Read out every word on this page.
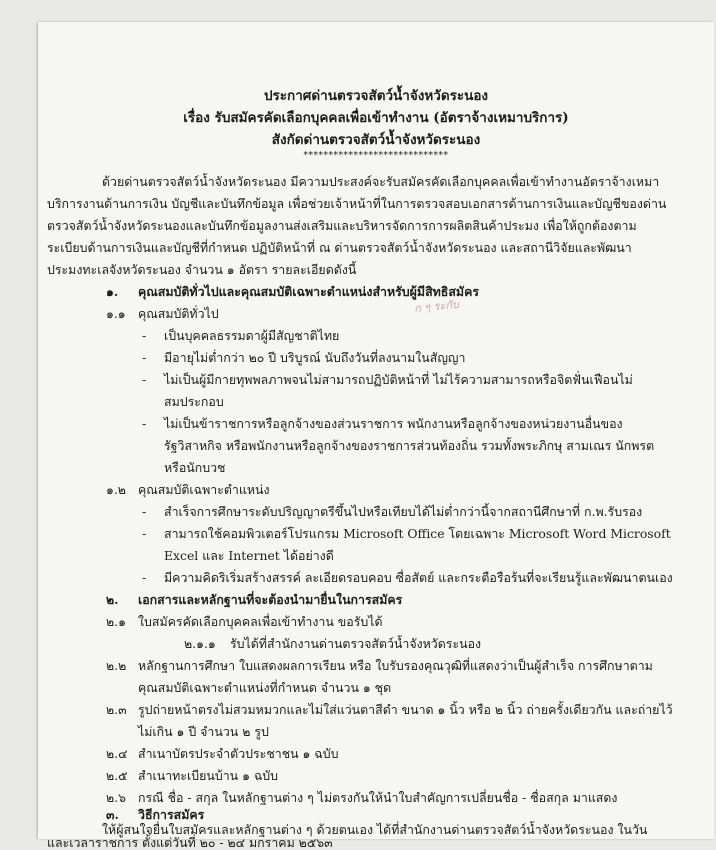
ประกาศด่านตรวจสัตว์น้ำจังหวัดระนอง
เรื่อง รับสมัครคัดเลือกบุคคลเพื่อเข้าทำงาน (อัตราจ้างเหมาบริการ)
สังกัดด่านตรวจสัตว์น้ำจังหวัดระนอง
*****************************
ด้วยด่านตรวจสัตว์น้ำจังหวัดระนอง มีความประสงค์จะรับสมัครคัดเลือกบุคคลเพื่อเข้าทำงานอัตราจ้างเหมา
บริการงานด้านการเงิน บัญชีและบันทึกข้อมูล เพื่อช่วยเจ้าหน้าที่ในการตรวจสอบเอกสารด้านการเงินและบัญชีของด่าน
ตรวจสัตว์น้ำจังหวัดระนองและบันทึกข้อมูลงานส่งเสริมและบริหารจัดการการผลิตสินค้าประมง เพื่อให้ถูกต้องตาม
ระเบียบด้านการเงินและบัญชีที่กำหนด ปฏิบัติหน้าที่ ณ ด่านตรวจสัตว์น้ำจังหวัดระนอง และสถานีวิจัยและพัฒนา
ประมงทะเลจังหวัดระนอง จำนวน ๑ อัตรา รายละเอียดดังนี้
๑. คุณสมบัติทั่วไปและคุณสมบัติเฉพาะตำแหน่งสำหรับผู้มีสิทธิสมัคร
ก ๆ ระกับ
๑.๑ คุณสมบัติทั่วไป
- เป็นบุคคลธรรมดาผู้มีสัญชาติไทย
- มีอายุไม่ต่ำกว่า ๒๐ ปี บริบูรณ์ นับถึงวันที่ลงนามในสัญญา
- ไม่เป็นผู้มีกายทุพพลภาพจนไม่สามารถปฏิบัติหน้าที่ ไม่ไร้ความสามารถหรือจิตฟั่นเฟือนไม่
สมประกอบ
- ไม่เป็นข้าราชการหรือลูกจ้างของส่วนราชการ พนักงานหรือลูกจ้างของหน่วยงานอื่นของ
รัฐวิสาหกิจ หรือพนักงานหรือลูกจ้างของราชการส่วนท้องถิ่น รวมทั้งพระภิกษุ สามเณร นักพรต
หรือนักบวช
๑.๒ คุณสมบัติเฉพาะตำแหน่ง
- สำเร็จการศึกษาระดับปริญญาตรีขึ้นไปหรือเทียบได้ไม่ต่ำกว่านี้จากสถานีศึกษาที่ ก.พ.รับรอง
- สามารถใช้คอมพิวเตอร์โปรแกรม Microsoft Office โดยเฉพาะ Microsoft Word Microsoft
Excel และ Internet ได้อย่างดี
- มีความคิดริเริ่มสร้างสรรค์ ละเอียดรอบคอบ ซื่อสัตย์ และกระตือรือร้นที่จะเรียนรู้และพัฒนาตนเอง
๒. เอกสารและหลักฐานที่จะต้องนำมายื่นในการสมัคร
๒.๑ ใบสมัครคัดเลือกบุคคลเพื่อเข้าทำงาน ขอรับได้
๒.๑.๑ รับได้ที่สำนักงานด่านตรวจสัตว์น้ำจังหวัดระนอง
๒.๒ หลักฐานการศึกษา ใบแสดงผลการเรียน หรือ ใบรับรองคุณวุฒิที่แสดงว่าเป็นผู้สำเร็จ การศึกษาตาม
คุณสมบัติเฉพาะตำแหน่งที่กำหนด จำนวน ๑ ชุด
๒.๓ รูปถ่ายหน้าตรงไม่สวมหมวกและไม่ใส่แว่นตาสีดำ ขนาด ๑ นิ้ว หรือ ๒ นิ้ว ถ่ายครั้งเดียวกัน และถ่ายไว้
ไม่เกิน ๑ ปี จำนวน ๒ รูป
๒.๔ สำเนาบัตรประจำตัวประชาชน ๑ ฉบับ
๒.๕ สำเนาทะเบียนบ้าน ๑ ฉบับ
๒.๖ กรณี ชื่อ - สกุล ในหลักฐานต่าง ๆ ไม่ตรงกันให้นำใบสำคัญการเปลี่ยนชื่อ - ชื่อสกุล มาแสดง
๓. วิธีการสมัคร
ให้ผู้สนใจยื่นใบสมัครและหลักฐานต่าง ๆ ด้วยตนเอง ได้ที่สำนักงานด่านตรวจสัตว์น้ำจังหวัดระนอง ในวัน
และเวลาราชการ ตั้งแต่วันที่ ๒๐ - ๒๔ มกราคม ๒๕๖๓
